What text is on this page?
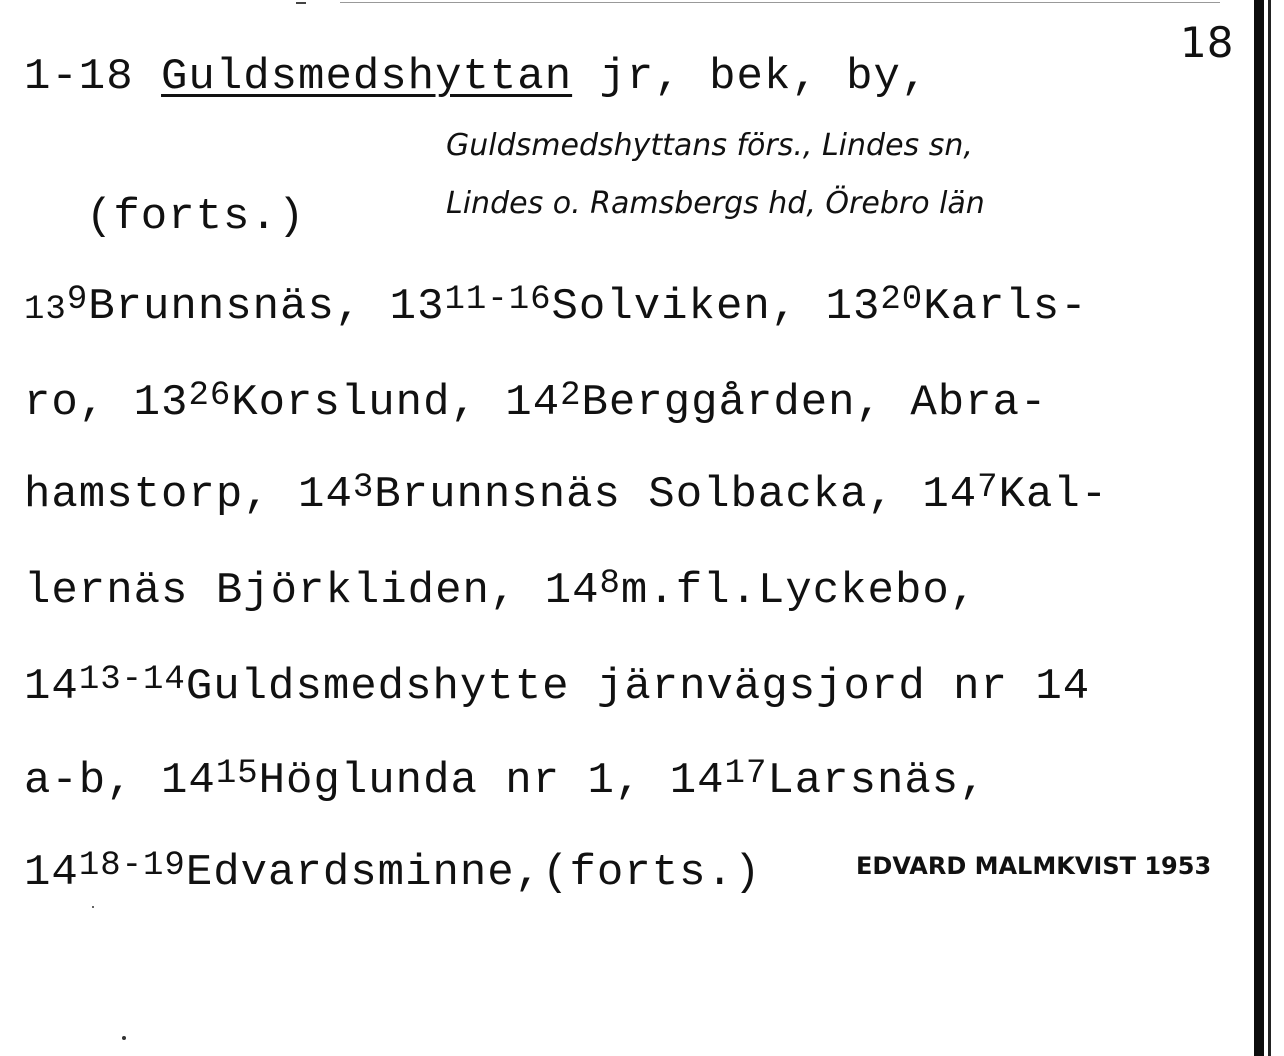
18
1-18 Guldsmedshyttan jr, bek, by,
Guldsmedshyttans förs., Lindes sn,
(forts.)	Lindes o. Ramsbergs hd, Örebro län
$13^9Brunnsnäs$, 13$^{11-16}$Solviken, $13^{20}Karls-$
ro, $13^{26}Korslund$, $14^2Berggården$, Abra-
hamstorp, $14^3Brunnsnäs$ Solbacka, $14^7Kal-$
lernäs Björkliden, $14^8m.fl.Lyckebo$,
14$^{13-14}$Guldsmedshytte järnvägsjord nr 14
a-b, $14^{15}Höglunda$ nr 1, $14^{17}Larsnäs$,
14$^{18-19}$Edvardsminne,(forts.)	EDVARD MALMKVIST 1953
